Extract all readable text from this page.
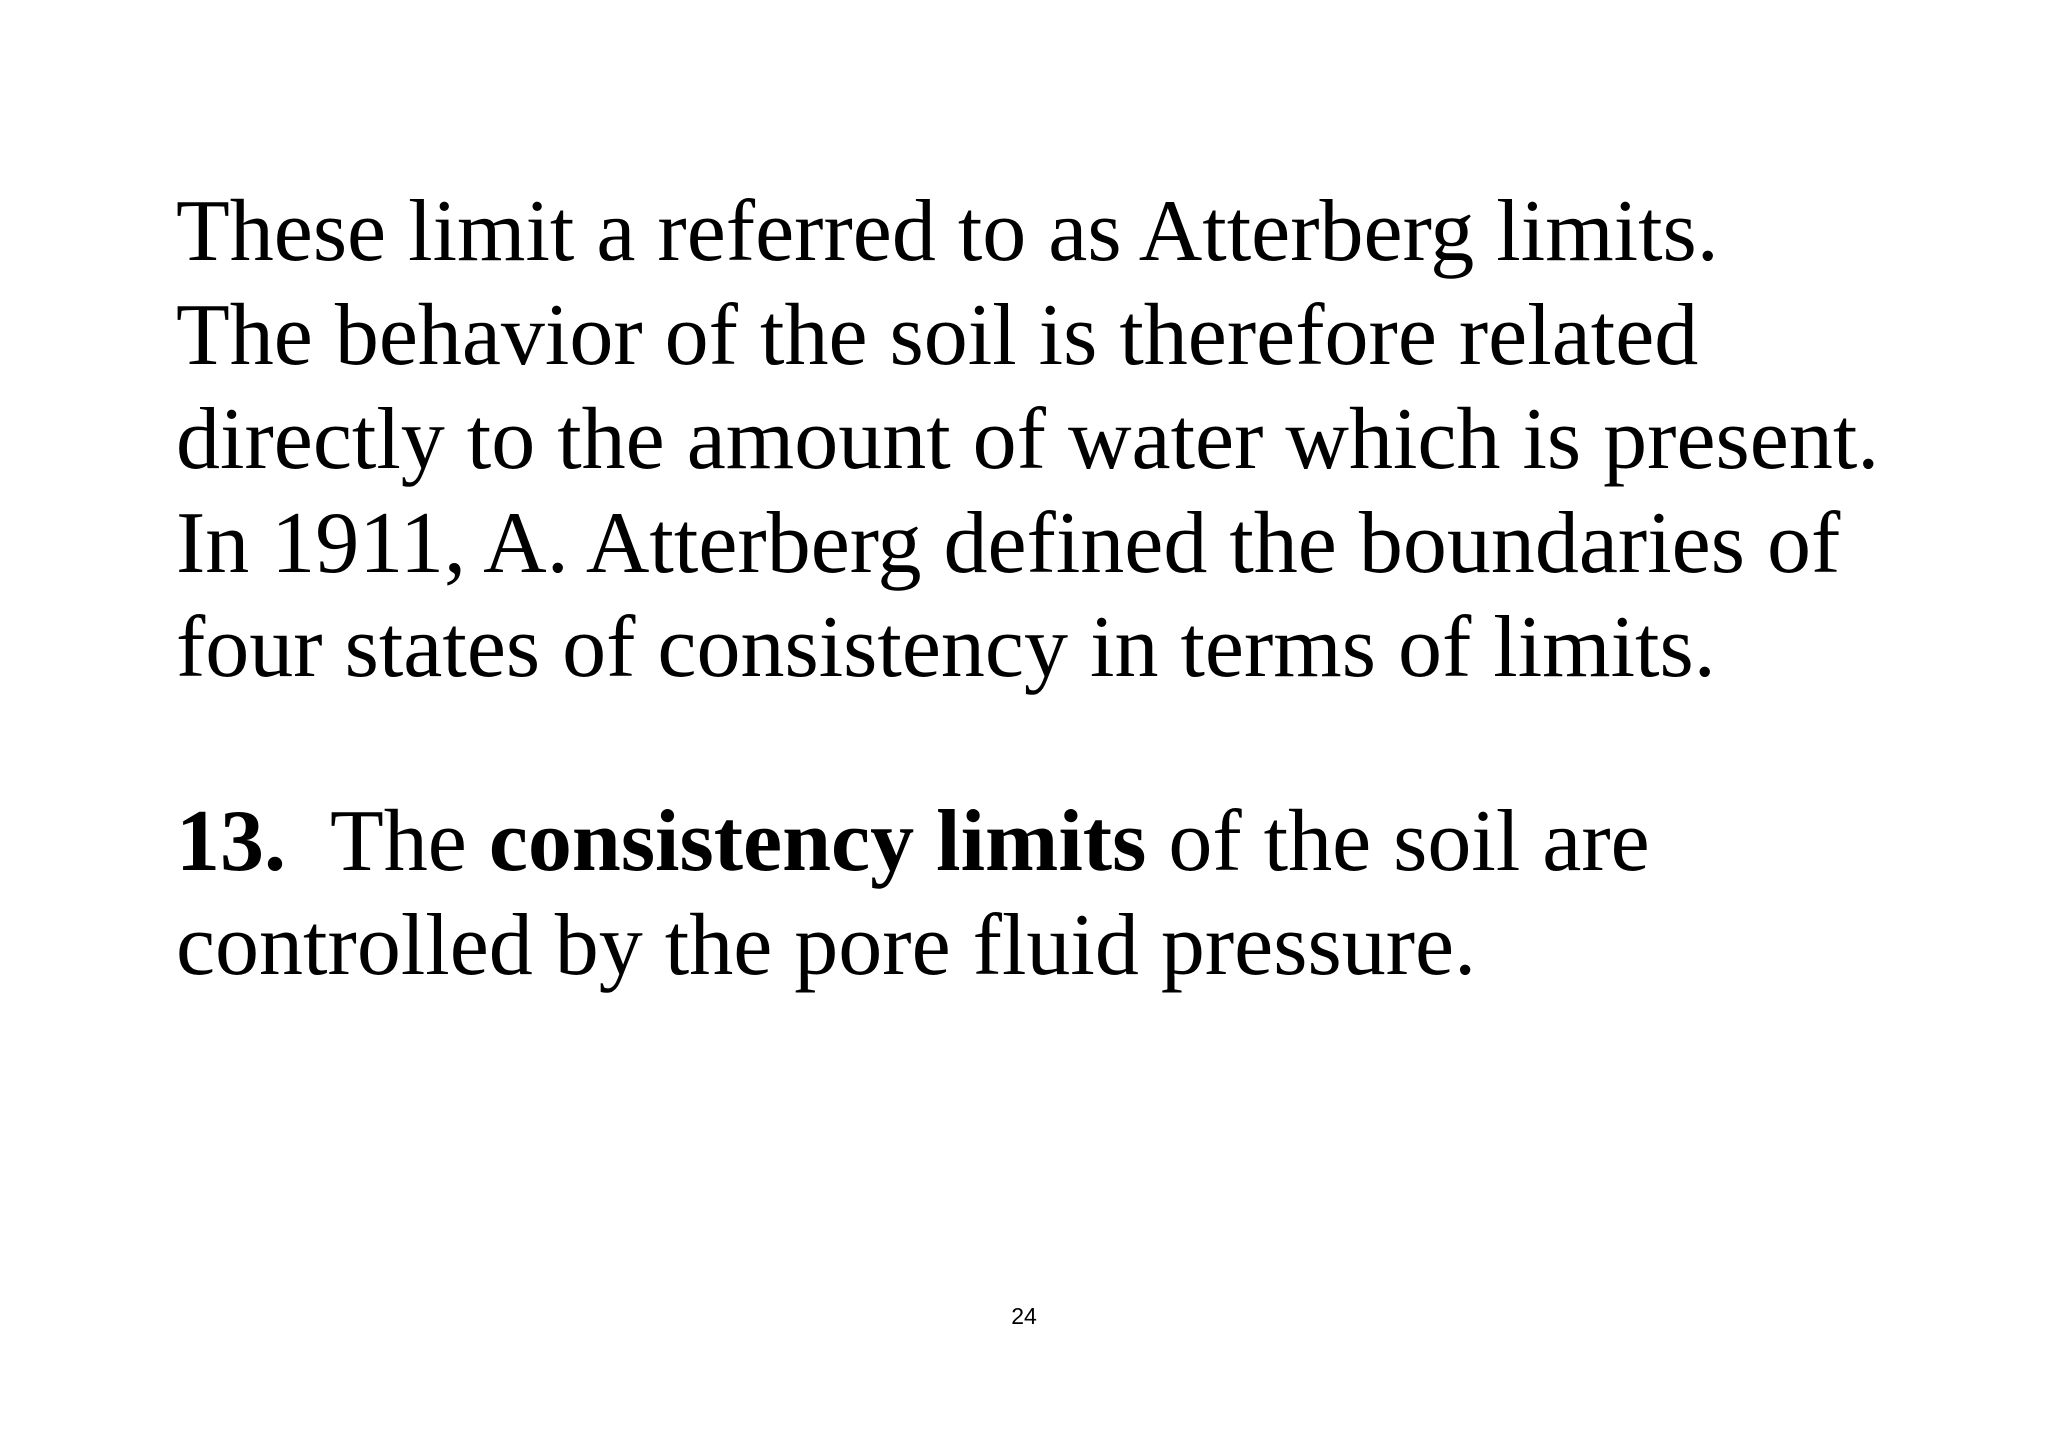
These limit a referred to as Atterberg limits.
The behavior of the soil is therefore related
directly to the amount of water which is present.
In 1911, A. Atterberg defined the boundaries of
four states of consistency in terms of limits.

13. The consistency limits of the soil are
controlled by the pore fluid pressure.

24
